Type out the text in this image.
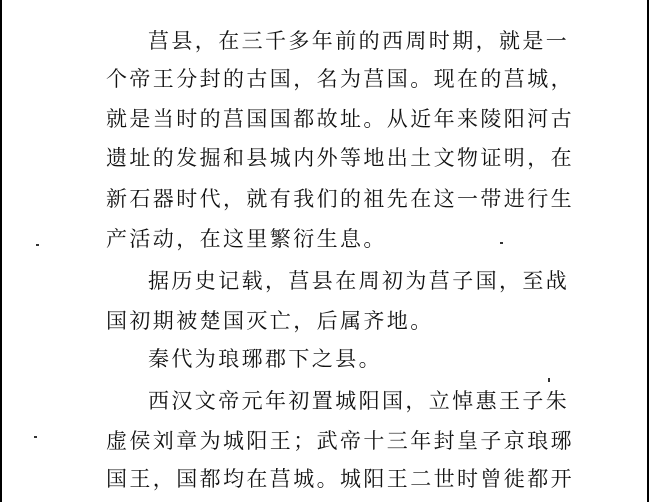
莒县，在三千多年前的西周时期，就是一
个帝王分封的古国，名为莒国。现在的莒城，
就是当时的莒国国都故址。从近年来陵阳河古
遗址的发掘和县城内外等地出土文物证明，在
新石器时代，就有我们的祖先在这一带进行生
产活动，在这里繁衍生息。
据历史记载，莒县在周初为莒子国，至战
国初期被楚国灭亡，后属齐地。
秦代为琅琊郡下之县。
西汉文帝元年初置城阳国，立悼惠王子朱
虚侯刘章为城阳王；武帝十三年封皇子京琅琊
国王，国都均在莒城。城阳王二世时曾徙都开
